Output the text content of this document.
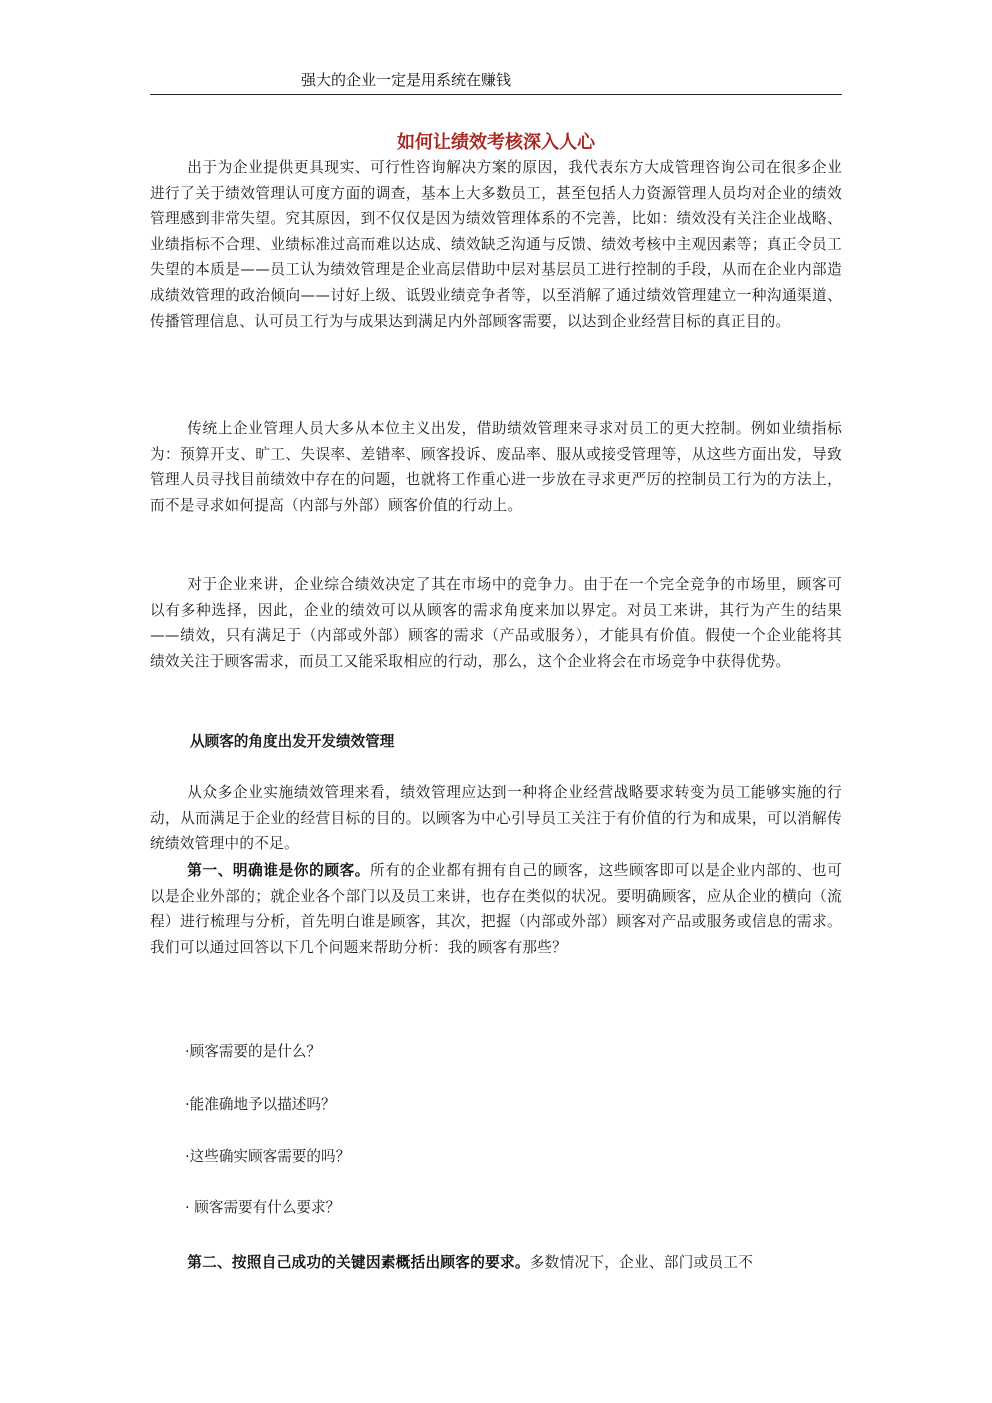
强大的企业一定是用系统在赚钱
如何让绩效考核深入人心

出于为企业提供更具现实、可行性咨询解决方案的原因，我代表东方大成管理咨询公司在很多企业进行了关于绩效管理认可度方面的调查，基本上大多数员工，甚至包括人力资源管理人员均对企业的绩效管理感到非常失望。究其原因，到不仅仅是因为绩效管理体系的不完善，比如：绩效没有关注企业战略、业绩指标不合理、业绩标准过高而难以达成、绩效缺乏沟通与反馈、绩效考核中主观因素等；真正令员工失望的本质是——员工认为绩效管理是企业高层借助中层对基层员工进行控制的手段，从而在企业内部造成绩效管理的政治倾向——讨好上级、诋毁业绩竞争者等，以至消解了通过绩效管理建立一种沟通渠道、传播管理信息、认可员工行为与成果达到满足内外部顾客需要，以达到企业经营目标的真正目的。

传统上企业管理人员大多从本位主义出发，借助绩效管理来寻求对员工的更大控制。例如业绩指标为：预算开支、旷工、失误率、差错率、顾客投诉、废品率、服从或接受管理等，从这些方面出发，导致管理人员寻找目前绩效中存在的问题，也就将工作重心进一步放在寻求更严厉的控制员工行为的方法上，而不是寻求如何提高（内部与外部）顾客价值的行动上。

对于企业来讲，企业综合绩效决定了其在市场中的竞争力。由于在一个完全竞争的市场里，顾客可以有多种选择，因此，企业的绩效可以从顾客的需求角度来加以界定。对员工来讲，其行为产生的结果——绩效，只有满足于（内部或外部）顾客的需求（产品或服务），才能具有价值。假使一个企业能将其绩效关注于顾客需求，而员工又能采取相应的行动，那么，这个企业将会在市场竞争中获得优势。

从顾客的角度出发开发绩效管理

从众多企业实施绩效管理来看，绩效管理应达到一种将企业经营战略要求转变为员工能够实施的行动，从而满足于企业的经营目标的目的。以顾客为中心引导员工关注于有价值的行为和成果，可以消解传统绩效管理中的不足。

第一、明确谁是你的顾客。所有的企业都有拥有自己的顾客，这些顾客即可以是企业内部的、也可以是企业外部的；就企业各个部门以及员工来讲，也存在类似的状况。要明确顾客，应从企业的横向（流程）进行梳理与分析，首先明白谁是顾客，其次，把握（内部或外部）顾客对产品或服务或信息的需求。我们可以通过回答以下几个问题来帮助分析：我的顾客有那些？

·顾客需要的是什么？

·能准确地予以描述吗？

·这些确实顾客需要的吗？

· 顾客需要有什么要求？

第二、按照自己成功的关键因素概括出顾客的要求。多数情况下，企业、部门或员工不
